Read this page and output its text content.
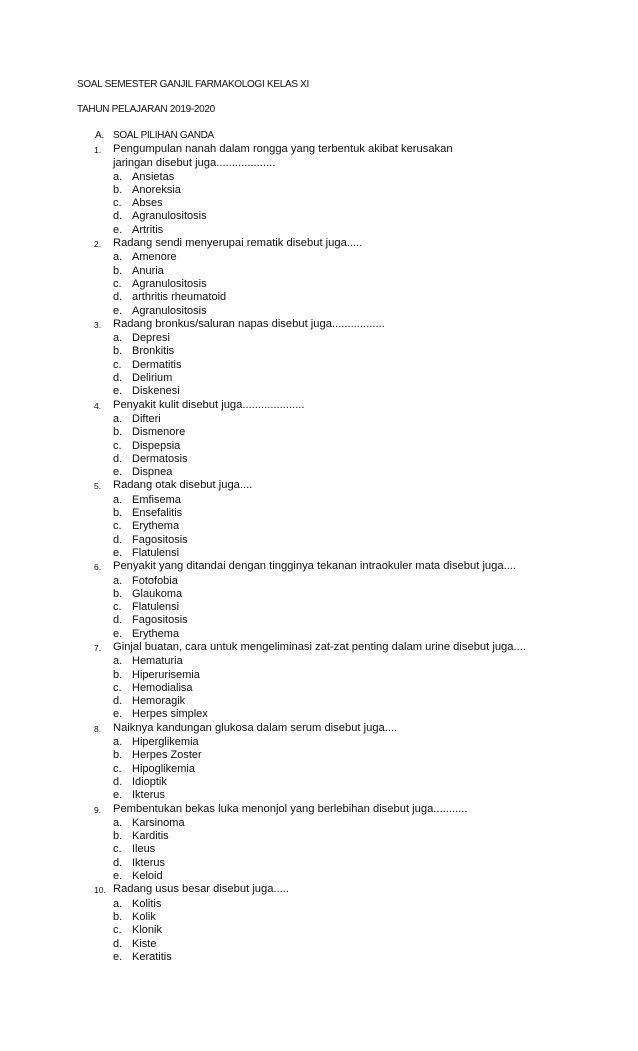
SOAL SEMESTER GANJIL FARMAKOLOGI KELAS XI
TAHUN PELAJARAN 2019-2020
A. SOAL PILIHAN GANDA
1.	Pengumpulan nanah dalam rongga yang terbentuk akibat kerusakan
jaringan disebut juga...................
a. Ansietas
b. Anoreksia
c. Abses
d. Agranulositosis
e. Artritis
2.	Radang sendi menyerupai rematik disebut juga.....
a. Amenore
b. Anuria
c. Agranulositosis
d. arthritis rheumatoid
e. Agranulositosis
3.	Radang bronkus/saluran napas disebut juga.................
a. Depresi
b. Bronkitis
c. Dermatitis
d. Delirium
e. Diskenesi
4.	Penyakit kulit disebut juga....................
a. Difteri
b. Dismenore
c. Dispepsia
d. Dermatosis
e. Dispnea
5.	Radang otak disebut juga....
a. Emfisema
b. Ensefalitis
c. Erythema
d. Fagositosis
e. Flatulensi
6.	Penyakit yang ditandai dengan tingginya tekanan intraokuler mata disebut juga....
a. Fotofobia
b. Glaukoma
c. Flatulensi
d. Fagositosis
e. Erythema
7.	Ginjal buatan, cara untuk mengeliminasi zat-zat penting dalam urine disebut juga....
a. Hematuria
b. Hiperurisemia
c. Hemodialisa
d. Hemoragik
e. Herpes simplex
8.	Naiknya kandungan glukosa dalam serum disebut juga....
a. Hiperglikemia
b. Herpes Zoster
c. Hipoglikemia
d. Idioptik
e. Ikterus
9.	Pembentukan bekas luka menonjol yang berlebihan disebut juga...........
a. Karsinoma
b. Karditis
c. Ileus
d. Ikterus
e. Keloid
10. Radang usus besar disebut juga.....
a. Kolitis
b. Kolik
c. Klonik
d. Kiste
e. Keratitis
